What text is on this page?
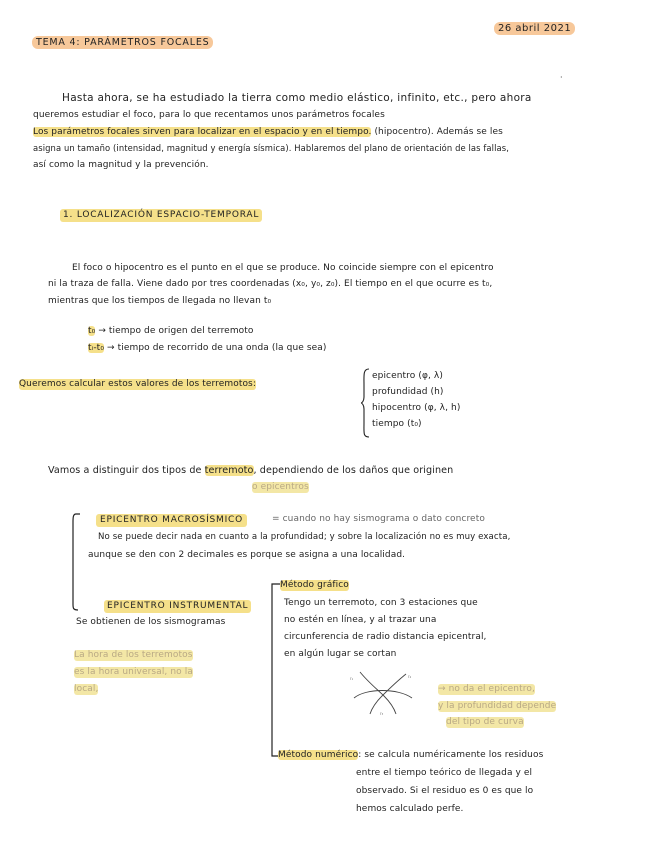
TEMA 4: PARÁMETROS FOCALES
26 abril 2021
·
Hasta ahora, se ha estudiado la tierra como medio elástico, infinito, etc., pero ahora
queremos estudiar el foco, para lo que recentamos unos parámetros focales
Los parámetros focales sirven para localizar en el espacio y en el tiempo. (hipocentro). Además se les
asigna un tamaño (intensidad, magnitud y energía sísmica). Hablaremos del plano de orientación de las fallas,
así como la magnitud y la prevención.
1. LOCALIZACIÓN ESPACIO-TEMPORAL
El foco o hipocentro es el punto en el que se produce. No coincide siempre con el epicentro
ni la traza de falla. Viene dado por tres coordenadas (x₀, y₀, z₀). El tiempo en el que ocurre es t₀,
mientras que los tiempos de llegada no llevan t₀
t₀ → tiempo de origen del terremoto
tᵢ-t₀ → tiempo de recorrido de una onda (la que sea)
Queremos calcular estos valores de los terremotos:
epicentro (φ, λ)
profundidad (h)
hipocentro (φ, λ, h)
tiempo (t₀)
Vamos a distinguir dos tipos de terremoto, dependiendo de los daños que originen
o epicentros
EPICENTRO MACROSÍSMICO	= cuando no hay sismograma o dato concreto
No se puede decir nada en cuanto a la profundidad; y sobre la localización no es muy exacta,
aunque se den con 2 decimales es porque se asigna a una localidad.
EPICENTRO INSTRUMENTAL
Se obtienen de los sismogramas
La hora de los terremotos
es la hora universal, no la
local,
Método gráfico
Tengo un terremoto, con 3 estaciones que
no estén en línea, y al trazar una
circunferencia de radio distancia epicentral,
en algún lugar se cortan
r₁	r₂
r₃
→ no da el epicentro,
y la profundidad depende
del tipo de curva
Método numérico: se calcula numéricamente los residuos
entre el tiempo teórico de llegada y el
observado. Si el residuo es 0 es que lo
hemos calculado perfe.
